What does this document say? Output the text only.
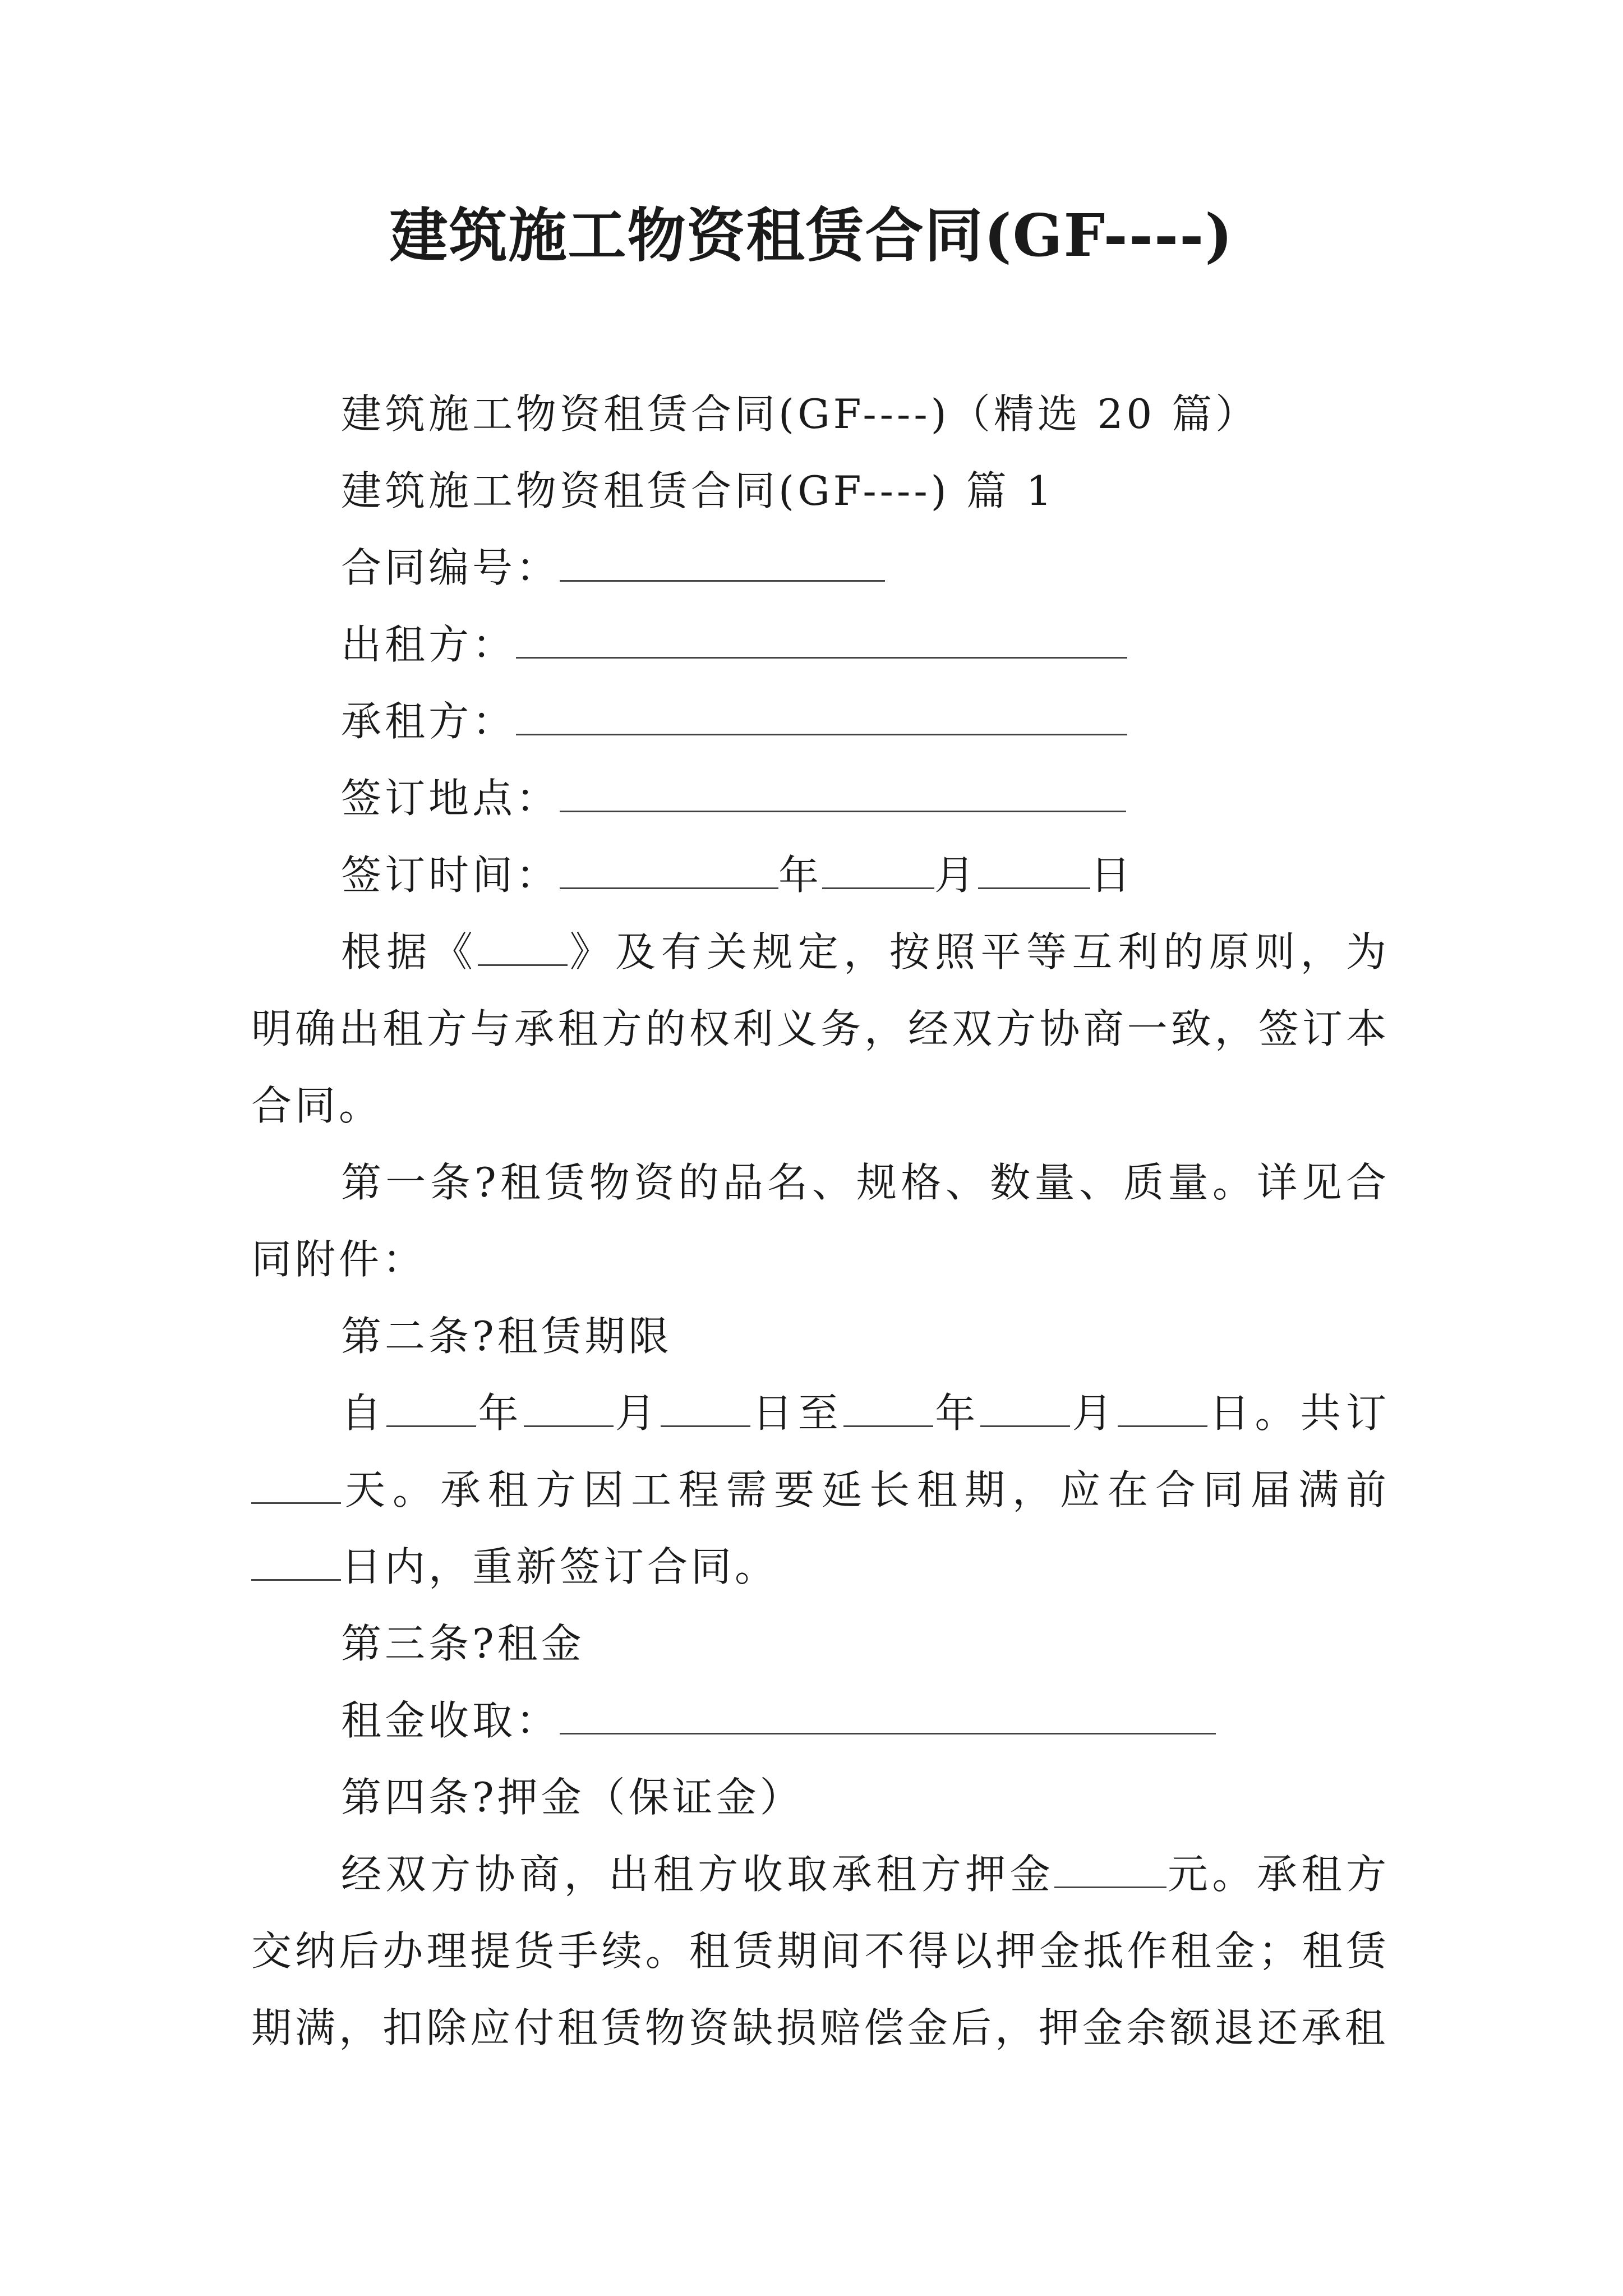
建筑施工物资租赁合同(GF----)
建筑施工物资租赁合同(GF----)（精选 20 篇）
建筑施工物资租赁合同(GF----) 篇 1
合同编号：
出租方：
承租方：
签订地点：
签订时间：	年	月	日
根据《 》及有关规定，按照平等互利的原则，为明确出租方与承租方的权利义务，经双方协商一致，签订本合同。
第一条?租赁物资的品名、规格、数量、质量。详见合同附件：
第二条?租赁期限
自 年 月 日至 年 月 日。共订天。承租方因工程需要延长租期，应在合同届满前日内，重新签订合同。
第三条?租金
租金收取：
第四条?押金（保证金）
经双方协商，出租方收取承租方押金	元。承租方交纳后办理提货手续。租赁期间不得以押金抵作租金；租赁期满，扣除应付租赁物资缺损赔偿金后，押金余额退还承租
